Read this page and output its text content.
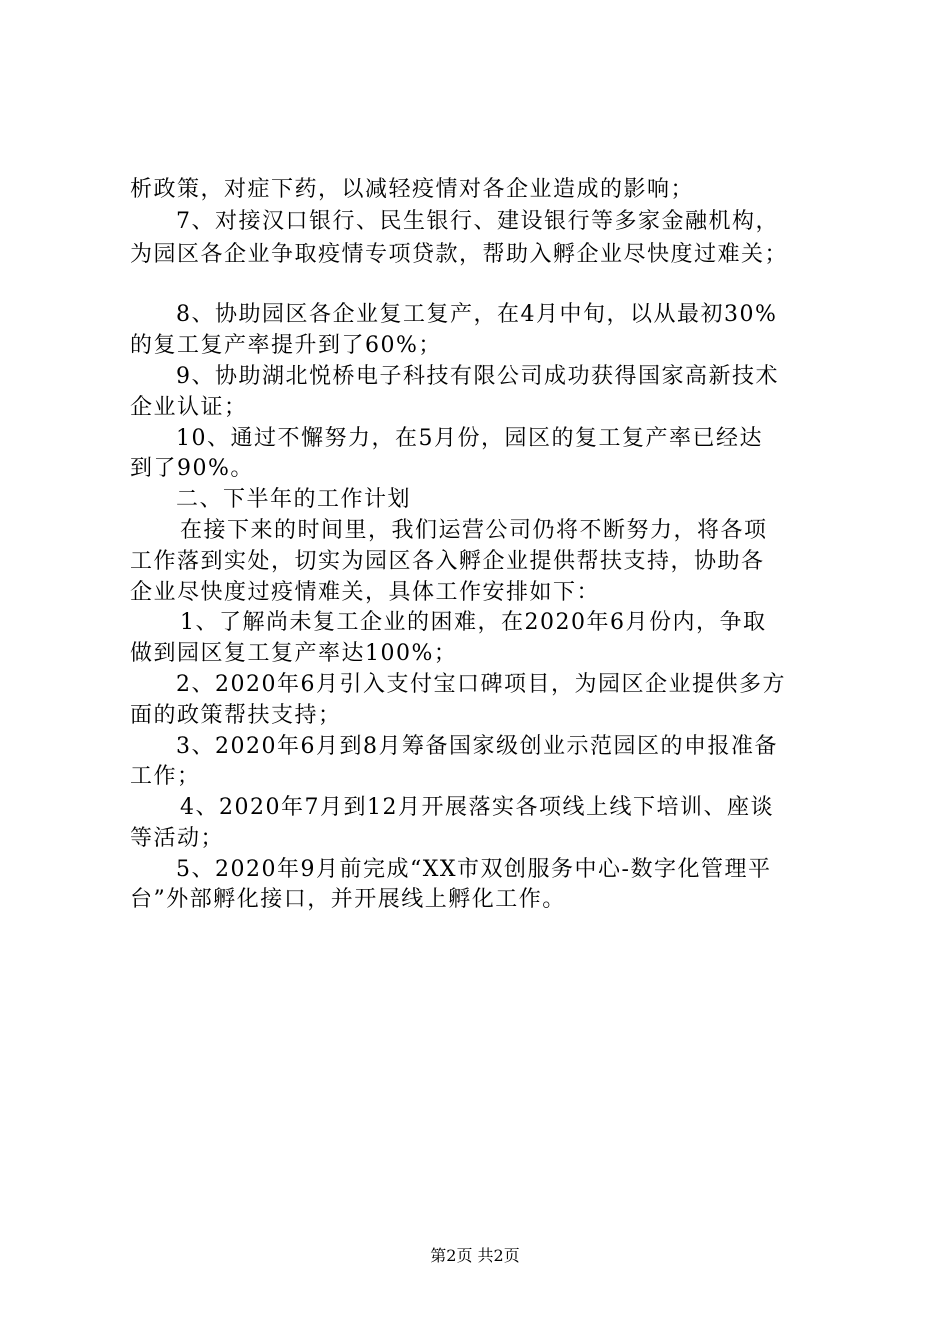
析政策，对症下药，以减轻疫情对各企业造成的影响；
7、对接汉口银行、民生银行、建设银行等多家金融机构，
为园区各企业争取疫情专项贷款，帮助入孵企业尽快度过难关；
8、协助园区各企业复工复产，在4月中旬，以从最初30%
的复工复产率提升到了60%；
9、协助湖北悦桥电子科技有限公司成功获得国家高新技术
企业认证；
10、通过不懈努力，在5月份，园区的复工复产率已经达
到了90%。
二、下半年的工作计划
在接下来的时间里，我们运营公司仍将不断努力，将各项
工作落到实处，切实为园区各入孵企业提供帮扶支持，协助各
企业尽快度过疫情难关，具体工作安排如下：
1、了解尚未复工企业的困难，在2020年6月份内，争取
做到园区复工复产率达100%；
2、2020年6月引入支付宝口碑项目，为园区企业提供多方
面的政策帮扶支持；
3、2020年6月到8月筹备国家级创业示范园区的申报准备
工作；
4、2020年7月到12月开展落实各项线上线下培训、座谈
等活动；
5、2020年9月前完成“XX市双创服务中心-数字化管理平
台”外部孵化接口，并开展线上孵化工作。
第2页 共2页
